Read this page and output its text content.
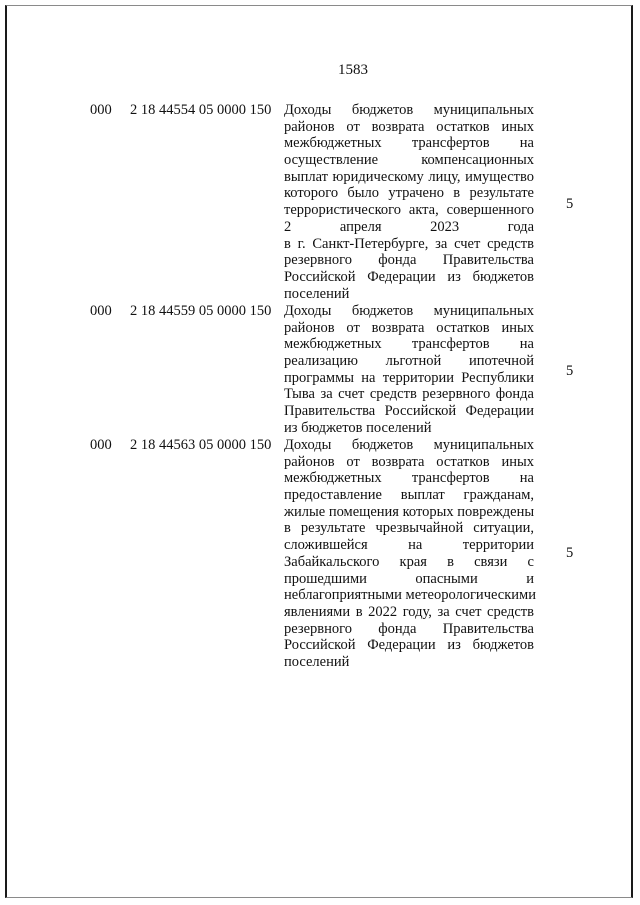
1583
000 2 18 44554 05 0000 150 Доходы бюджетов муниципальных
районов от возврата остатков иных
межбюджетных трансфертов на
осуществление компенсационных
выплат юридическому лицу, имущество
которого было утрачено в результате
террористического акта, совершенного
2 апреля 2023 года
в г. Санкт-Петербурге, за счет средств
резервного фонда Правительства
Российской Федерации из бюджетов
поселений
5
000 2 18 44559 05 0000 150 Доходы бюджетов муниципальных
районов от возврата остатков иных
межбюджетных трансфертов на
реализацию льготной ипотечной
программы на территории Республики
Тыва за счет средств резервного фонда
Правительства Российской Федерации
из бюджетов поселений
5
000 2 18 44563 05 0000 150 Доходы бюджетов муниципальных
районов от возврата остатков иных
межбюджетных трансфертов на
предоставление выплат гражданам,
жилые помещения которых повреждены
в результате чрезвычайной ситуации,
сложившейся на территории
Забайкальского края в связи с
прошедшими опасными и
неблагоприятными метеорологическими
явлениями в 2022 году, за счет средств
резервного фонда Правительства
Российской Федерации из бюджетов
поселений
5
